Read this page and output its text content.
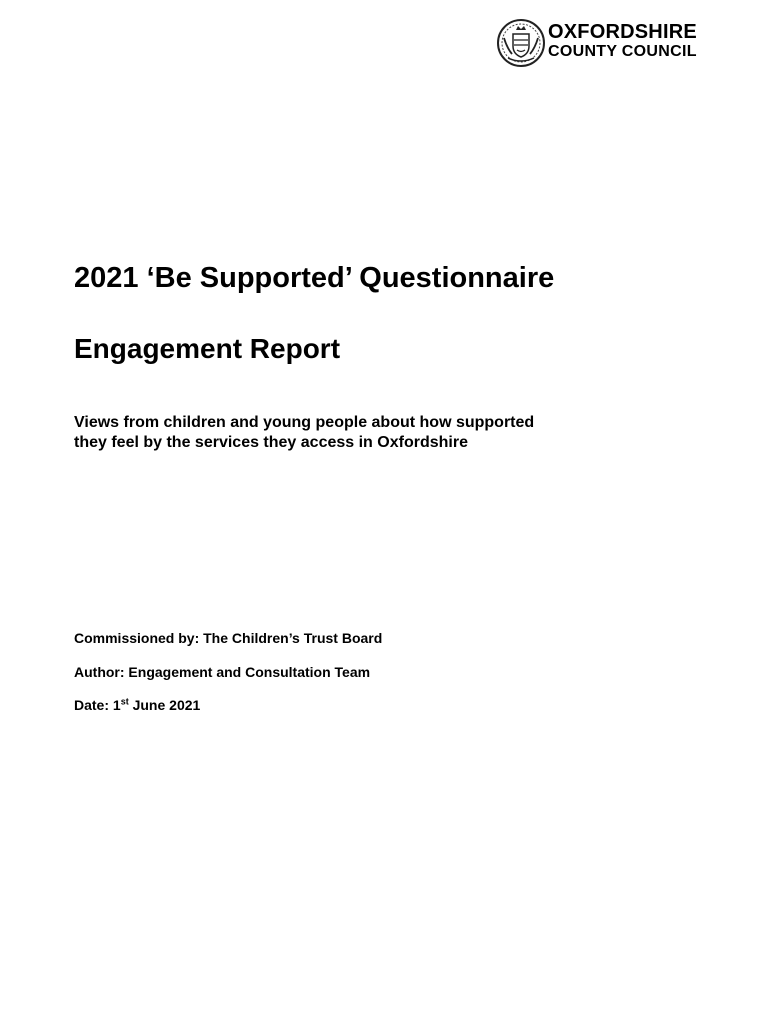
OXFORDSHIRE
COUNTY COUNCIL
2021 ‘Be Supported’ Questionnaire
Engagement Report
Views from children and young people about how supported
they feel by the services they access in Oxfordshire
Commissioned by: The Children’s Trust Board
Author: Engagement and Consultation Team
Date: 1st June 2021
